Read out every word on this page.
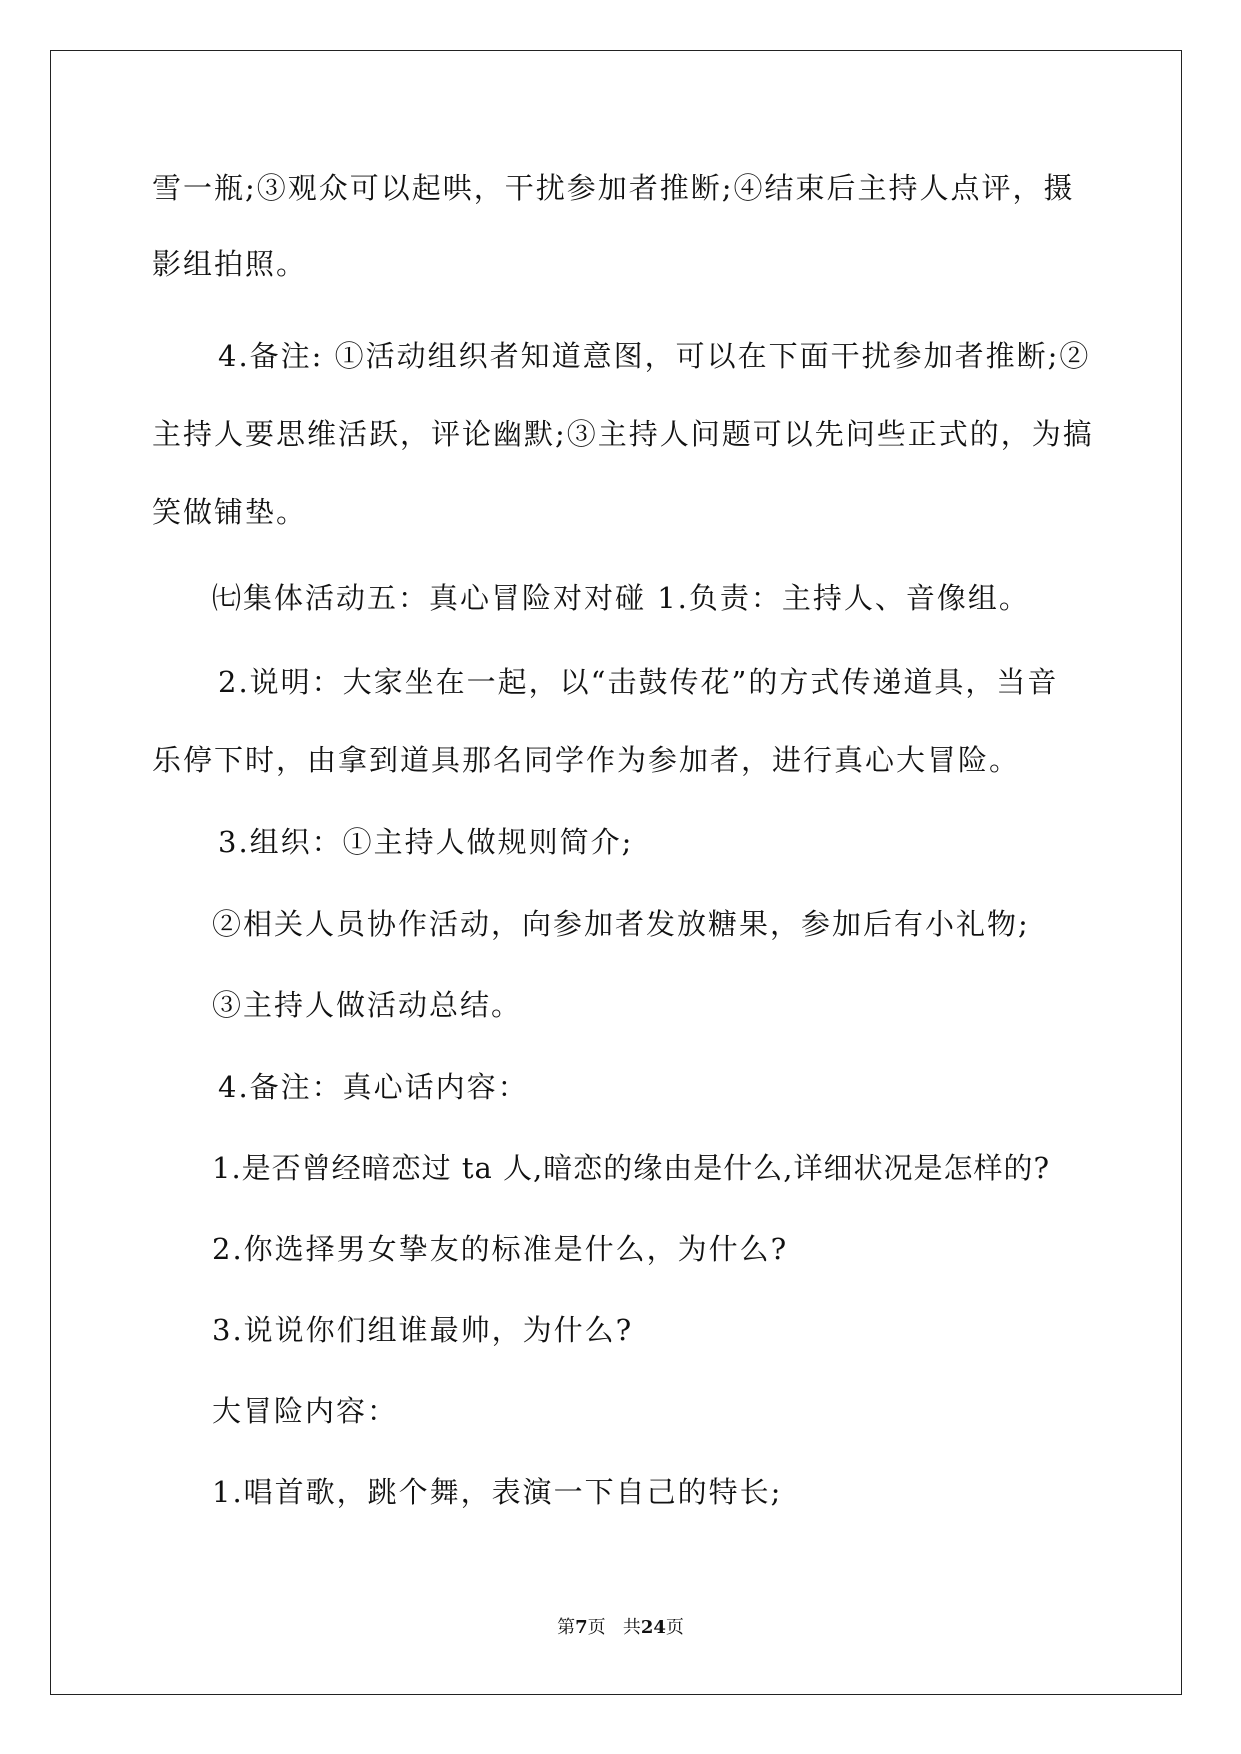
雪一瓶;③观众可以起哄，干扰参加者推断;④结束后主持人点评，摄
影组拍照。
4.备注: ①活动组织者知道意图，可以在下面干扰参加者推断;②
主持人要思维活跃，评论幽默;③主持人问题可以先问些正式的，为搞
笑做铺垫。
㈦集体活动五：真心冒险对对碰 1.负责：主持人、音像组。
2.说明：大家坐在一起，以“击鼓传花”的方式传递道具，当音
乐停下时，由拿到道具那名同学作为参加者，进行真心大冒险。
3.组织：①主持人做规则简介;
②相关人员协作活动，向参加者发放糖果，参加后有小礼物;
③主持人做活动总结。
4.备注：真心话内容：
1.是否曾经暗恋过 ta 人,暗恋的缘由是什么,详细状况是怎样的?
2.你选择男女挚友的标准是什么，为什么?
3.说说你们组谁最帅，为什么?
大冒险内容：
1.唱首歌，跳个舞，表演一下自己的特长;
第7页 共24页
